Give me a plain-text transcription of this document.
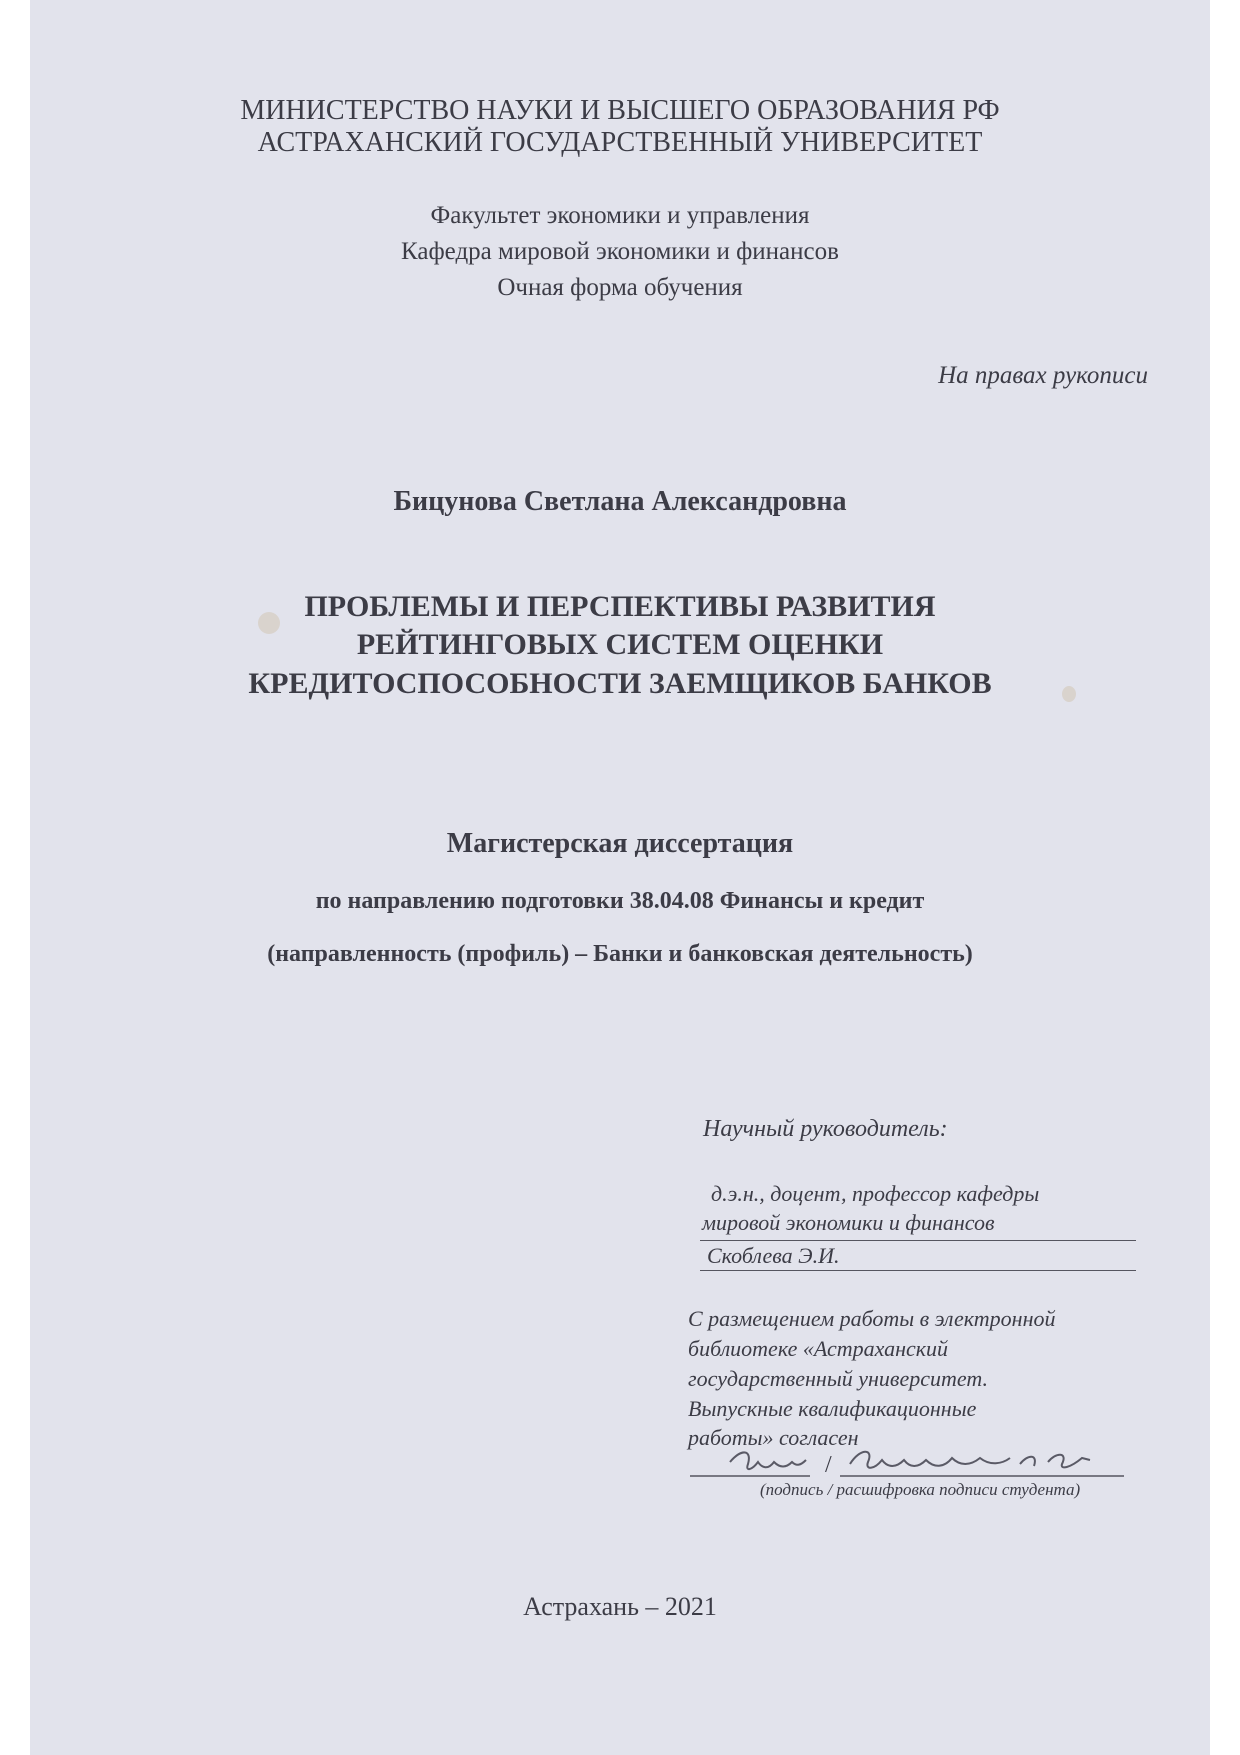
МИНИСТЕРСТВО НАУКИ И ВЫСШЕГО ОБРАЗОВАНИЯ РФ
АСТРАХАНСКИЙ ГОСУДАРСТВЕННЫЙ УНИВЕРСИТЕТ
Факультет экономики и управления
Кафедра мировой экономики и финансов
Очная форма обучения
На правах рукописи
Бицунова Светлана Александровна
ПРОБЛЕМЫ И ПЕРСПЕКТИВЫ РАЗВИТИЯ
РЕЙТИНГОВЫХ СИСТЕМ ОЦЕНКИ
КРЕДИТОСПОСОБНОСТИ ЗАЕМЩИКОВ БАНКОВ
Магистерская диссертация
по направлению подготовки 38.04.08 Финансы и кредит
(направленность (профиль) – Банки и банковская деятельность)
Научный руководитель:
д.э.н., доцент, профессор кафедры
мировой экономики и финансов
Скоблева Э.И.
С размещением работы в электронной
библиотеке «Астраханский
государственный университет.
Выпускные квалификационные
работы» согласен
/
(подпись / расшифровка подписи студента)
Астрахань – 2021
